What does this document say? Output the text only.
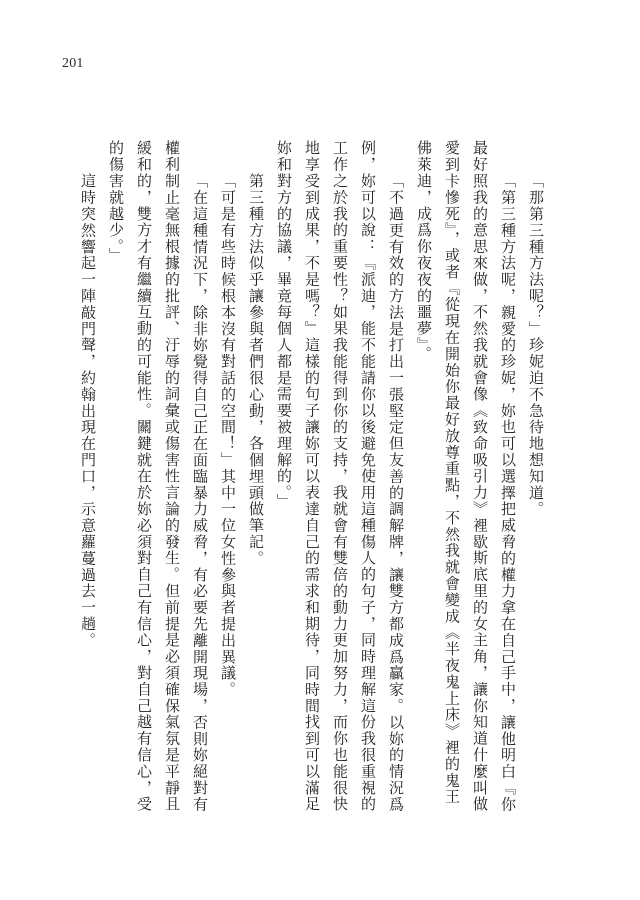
201
「那第三種方法呢？」珍妮迫不急待地想知道。
「第三種方法呢，親愛的珍妮，妳也可以選擇把威脅的權力拿在自己手中，讓他明白『你
最好照我的意思來做，不然我就會像《致命吸引力》裡歇斯底里的女主角，讓你知道什麼叫做
愛到卡慘死』，或者『從現在開始你最好放尊重點，不然我就會變成《半夜鬼上床》裡的鬼王
佛萊迪，成爲你夜夜的噩夢』。
「不過更有效的方法是打出一張堅定但友善的調解牌，讓雙方都成爲贏家。以妳的情況爲
例，妳可以說：『派迪，能不能請你以後避免使用這種傷人的句子，同時理解這份我很重視的
工作之於我的重要性？如果我能得到你的支持，我就會有雙倍的動力更加努力，而你也能很快
地享受到成果，不是嗎？』這樣的句子讓妳可以表達自己的需求和期待，同時間找到可以滿足
妳和對方的協議，畢竟每個人都是需要被理解的。」
第三種方法似乎讓參與者們很心動，各個埋頭做筆記。
「可是有些時候根本沒有對話的空間！」其中一位女性參與者提出異議。
「在這種情況下，除非妳覺得自己正在面臨暴力威脅，有必要先離開現場，否則妳絕對有
權利制止毫無根據的批評、汙辱的詞彙或傷害性言論的發生。但前提是必須確保氣氛是平靜且
緩和的，雙方才有繼續互動的可能性。關鍵就在於妳必須對自己有信心，對自己越有信心，受
的傷害就越少。」
這時突然響起一陣敲門聲，約翰出現在門口，示意蘿蔓過去一趟。
